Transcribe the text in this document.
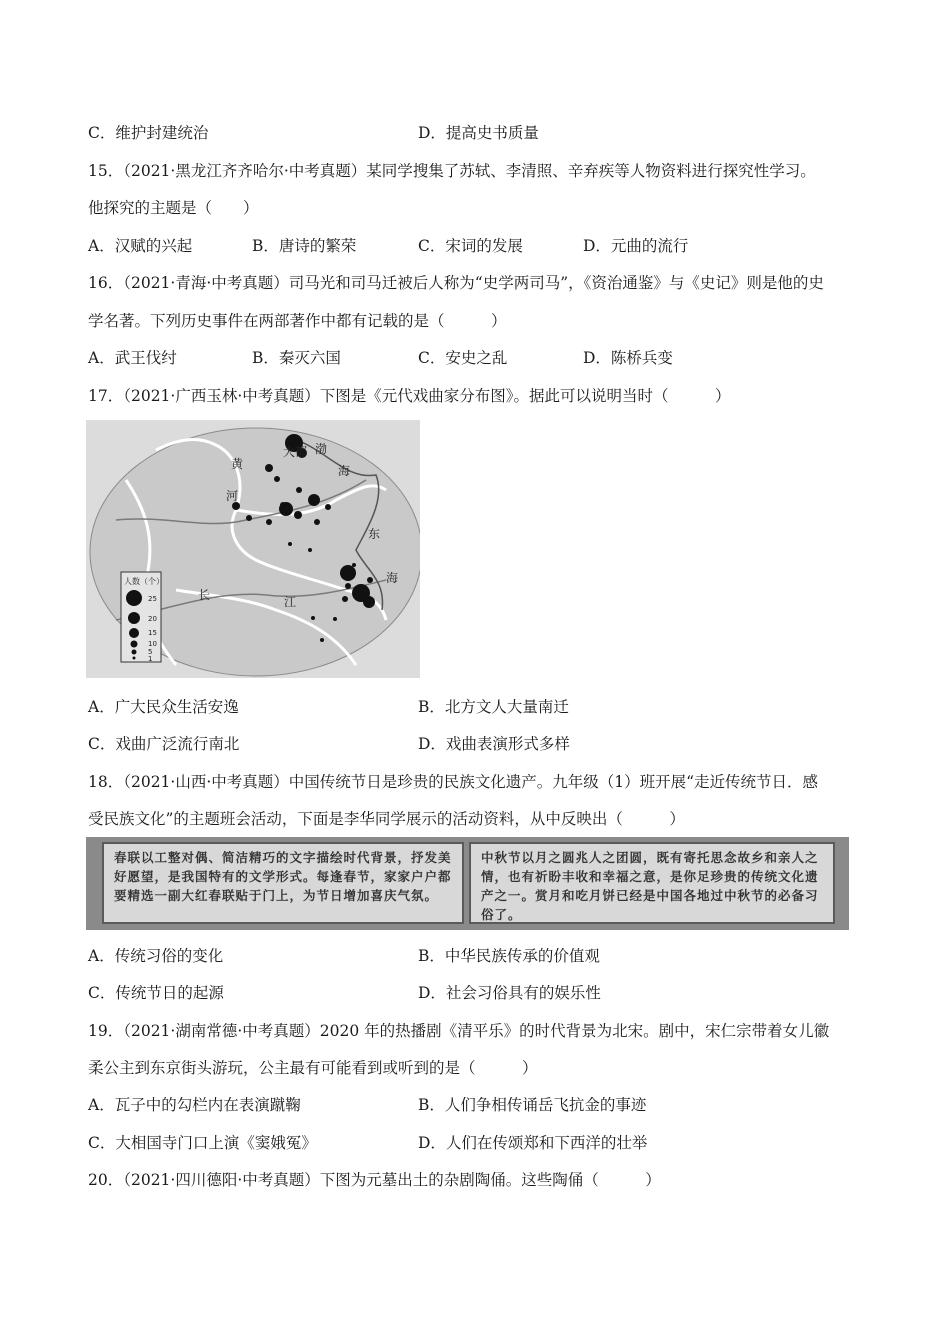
C．维护封建统治	D．提高史书质量
15．（2021·黑龙江齐齐哈尔·中考真题）某同学搜集了苏轼、李清照、辛弃疾等人物资料进行探究性学习。
他探究的主题是（　　）
A．汉赋的兴起	B．唐诗的繁荣	C．宋词的发展	D．元曲的流行
16．（2021·青海·中考真题）司马光和司马迁被后人称为“史学两司马”，《资治通鉴》与《史记》则是他的史
学名著。下列历史事件在两部著作中都有记载的是（　　　）
A．武王伐纣	B．秦灭六国	C．安史之乱	D．陈桥兵变
17．（2021·广西玉林·中考真题）下图是《元代戏曲家分布图》。据此可以说明当时（　　　）
大都 渤
海
黄
河
东
海
长	江
人数（个）
25
20
15
10
5
1
A．广大民众生活安逸	B．北方文人大量南迁
C．戏曲广泛流行南北	D．戏曲表演形式多样
18．（2021·山西·中考真题）中国传统节日是珍贵的民族文化遗产。九年级（1）班开展“走近传统节日．感
受民族文化”的主题班会活动，下面是李华同学展示的活动资料，从中反映出（　　　）
春联以工整对偶、简洁精巧的文字描绘时代背景，抒发美好愿望，是我国特有的文学形式。每逢春节，家家户户都要精选一副大红春联贴于门上，为节日增加喜庆气氛。
中秋节以月之圆兆人之团圆，既有寄托思念故乡和亲人之情，也有祈盼丰收和幸福之意，是你足珍贵的传统文化遗产之一。赏月和吃月饼已经是中国各地过中秋节的必备习俗了。
A．传统习俗的变化	B．中华民族传承的价值观
C．传统节日的起源	D．社会习俗具有的娱乐性
19．（2021·湖南常德·中考真题）2020 年的热播剧《清平乐》的时代背景为北宋。剧中，宋仁宗带着女儿徽
柔公主到东京街头游玩，公主最有可能看到或听到的是（　　　）
A．瓦子中的勾栏内在表演蹴鞠	B．人们争相传诵岳飞抗金的事迹
C．大相国寺门口上演《窦娥冤》	D．人们在传颂郑和下西洋的壮举
20．（2021·四川德阳·中考真题）下图为元墓出土的杂剧陶俑。这些陶俑（　　　）
